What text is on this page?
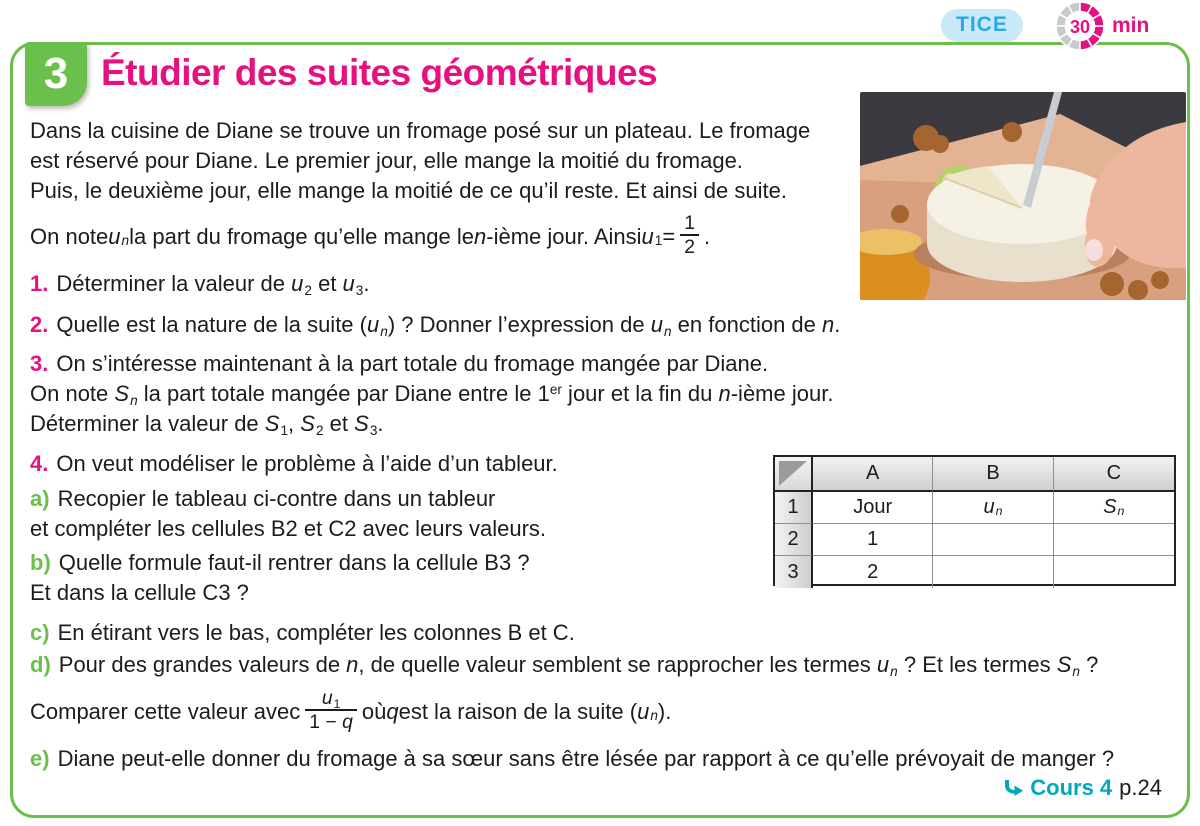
3 Étudier des suites géométriques
TICE	30 min
Dans la cuisine de Diane se trouve un fromage posé sur un plateau. Le fromage
est réservé pour Diane. Le premier jour, elle mange la moitié du fromage.
Puis, le deuxième jour, elle mange la moitié de ce qu’il reste. Et ainsi de suite.
On note u n la part du fromage qu’elle mange le n -ième jour. Ainsi u $1 = \frac{1}{2}$ .
1. Déterminer la valeur de u2 et u3.
2. Quelle est la nature de la suite (un) ? Donner l’expression de un en fonction de n.
3. On s’intéresse maintenant à la part totale du fromage mangée par Diane.
On note Sn la part totale mangée par Diane entre le 1er jour et la fin du n-ième jour.
Déterminer la valeur de S1, S2 et S3.
4. On veut modéliser le problème à l’aide d’un tableur.
a) Recopier le tableau ci-contre dans un tableur
et compléter les cellules B2 et C2 avec leurs valeurs.
b) Quelle formule faut-il rentrer dans la cellule B3 ?
Et dans la cellule C3 ?
c) En étirant vers le bas, compléter les colonnes B et C.
d) Pour des grandes valeurs de n, de quelle valeur semblent se rapprocher les termes un ? Et les termes Sn ?
Comparer cette valeur avec $\frac{u1}{1 - q}$ où q est la raison de la suite ( u n ).
e) Diane peut-elle donner du fromage à sa sœur sans être lésée par rapport à ce qu’elle prévoyait de manger ?
A	B	C
1	Jour	u n	S n
2	1
3	2
Cours 4 p.24
